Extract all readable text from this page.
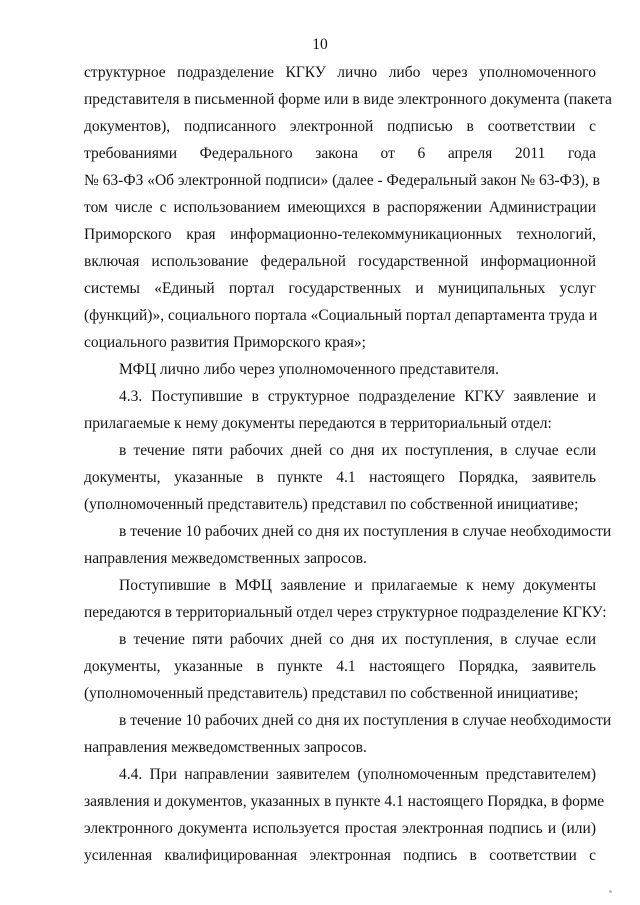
10
структурное подразделение КГКУ лично либо через уполномоченного
представителя в письменной форме или в виде электронного документа (пакета
документов), подписанного электронной подписью в соответствии с
требованиями Федерального закона от 6 апреля 2011 года
№ 63-ФЗ «Об электронной подписи» (далее - Федеральный закон № 63-ФЗ), в
том числе с использованием имеющихся в распоряжении Администрации
Приморского края информационно-телекоммуникационных технологий,
включая использование федеральной государственной информационной
системы «Единый портал государственных и муниципальных услуг
(функций)», социального портала «Социальный портал департамента труда и
социального развития Приморского края»;
МФЦ лично либо через уполномоченного представителя.
4.3. Поступившие в структурное подразделение КГКУ заявление и
прилагаемые к нему документы передаются в территориальный отдел:
в течение пяти рабочих дней со дня их поступления, в случае если
документы, указанные в пункте 4.1 настоящего Порядка, заявитель
(уполномоченный представитель) представил по собственной инициативе;
в течение 10 рабочих дней со дня их поступления в случае необходимости
направления межведомственных запросов.
Поступившие в МФЦ заявление и прилагаемые к нему документы
передаются в территориальный отдел через структурное подразделение КГКУ:
в течение пяти рабочих дней со дня их поступления, в случае если
документы, указанные в пункте 4.1 настоящего Порядка, заявитель
(уполномоченный представитель) представил по собственной инициативе;
в течение 10 рабочих дней со дня их поступления в случае необходимости
направления межведомственных запросов.
4.4. При направлении заявителем (уполномоченным представителем)
заявления и документов, указанных в пункте 4.1 настоящего Порядка, в форме
электронного документа используется простая электронная подпись и (или)
усиленная квалифицированная электронная подпись в соответствии с
